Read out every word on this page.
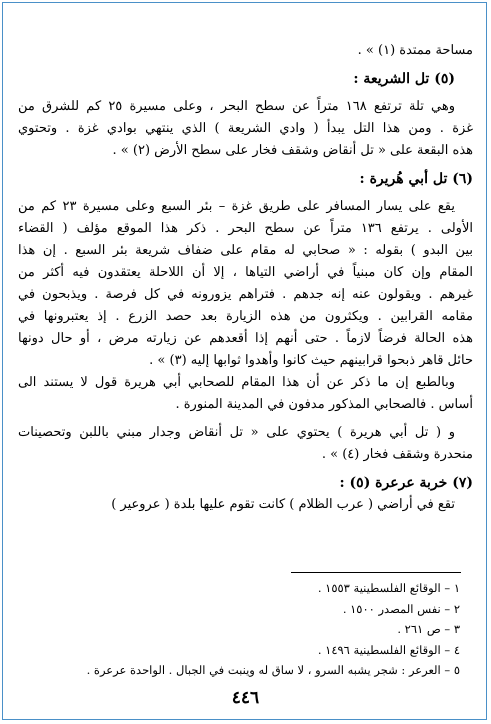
مساحة ممتدة (١) » .
(٥) تل الشريعة :
وهي تلة ترتفع ١٦٨ متراً عن سطح البحر ، وعلى مسيرة ٢٥ كم للشرق من
غزة . ومن هذا التل يبدأ ( وادي الشريعة ) الذي ينتهي بوادي غزة . وتحتوي
هذه البقعة على « تل أنقاض وشقف فخار على سطح الأرض (٢) » .
(٦) تل أبي هُريرة :
يقع على يسار المسافر على طريق غزة – بئر السبع وعلى مسيرة ٢٣ كم من
الأولى . يرتفع ١٣٦ متراً عن سطح البحر . ذكر هذا الموقع مؤلف ( القضاء
بين البدو ) بقوله : « صحابي له مقام على ضفاف شريعة بئر السبع . إن هذا
المقام وإن كان مبنياً في أراضي التياها ، إلا أن اللاحلة يعتقدون فيه أكثر من
غيرهم . ويقولون عنه إنه جدهم . فتراهم يزورونه في كل فرصة . ويذبحون في
مقامه القرابين . ويكثرون من هذه الزيارة بعد حصد الزرع . إذ يعتبرونها في
هذه الحالة فرضاً لازماً . حتى أنهم إذا أقعدهم عن زيارته مرض ، أو حال دونها
حائل قاهر ذبحوا قرابينهم حيث كانوا وأهدوا ثوابها إليه (٣) » .
وبالطبع إن ما ذكر عن أن هذا المقام للصحابي أبي هريرة قول لا يستند الى
أساس . فالصحابي المذكور مدفون في المدينة المنورة .
و ( تل أبي هريرة ) يحتوي على « تل أنقاض وجدار مبني باللبن وتحصينات
منحدرة وشقف فخار (٤) » .
(٧) خربة عرعرة (٥) :
تقع في أراضي ( عرب الظلام ) كانت تقوم عليها بلدة ( عروعير )
١ – الوقائع الفلسطينية ١٥٥٣ .
٢ – نفس المصدر ١٥٠٠ .
٣ – ص ٢٦١ .
٤ – الوقائع الفلسطينية ١٤٩٦ .
٥ – العرعر : شجر يشبه السرو ، لا ساق له وينبت في الجبال . الواحدة عرعرة .
٤٤٦
